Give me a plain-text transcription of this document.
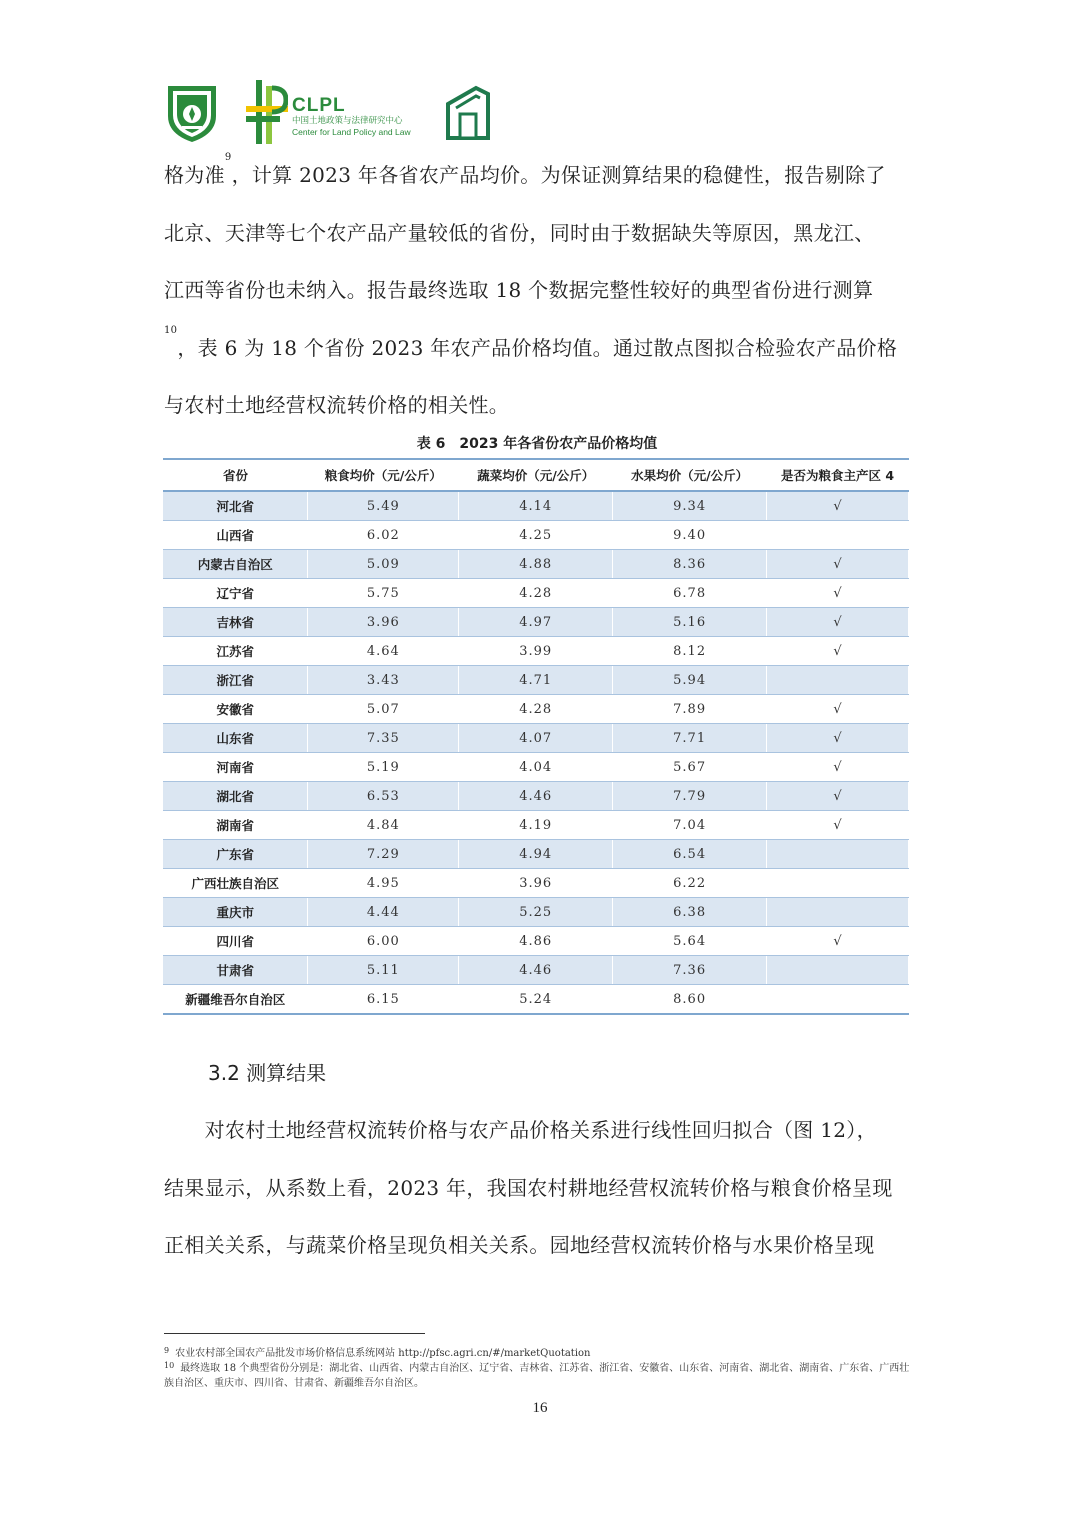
CLPL
中国土地政策与法律研究中心
Center for Land Policy and Law
格为准$^9$，计算 2023 年各省农产品均价。为保证测算结果的稳健性，报告剔除了
北京、天津等七个农产品产量较低的省份，同时由于数据缺失等原因，黑龙江、
江西等省份也未纳入。报告最终选取 18 个数据完整性较好的典型省份进行测算
$^{10}$，表 6 为 18 个省份 2023 年农产品价格均值。通过散点图拟合检验农产品价格
与农村土地经营权流转价格的相关性。
表 6　2023 年各省份农产品价格均值
省份	粮食均价（元/公斤）	蔬菜均价（元/公斤）	水果均价（元/公斤）	是否为粮食主产区 4
河北省	5.49	4.14	9.34	√
山西省	6.02	4.25	9.40	
内蒙古自治区	5.09	4.88	8.36	√
辽宁省	5.75	4.28	6.78	√
吉林省	3.96	4.97	5.16	√
江苏省	4.64	3.99	8.12	√
浙江省	3.43	4.71	5.94	
安徽省	5.07	4.28	7.89	√
山东省	7.35	4.07	7.71	√
河南省	5.19	4.04	5.67	√
湖北省	6.53	4.46	7.79	√
湖南省	4.84	4.19	7.04	√
广东省	7.29	4.94	6.54	
广西壮族自治区	4.95	3.96	6.22	
重庆市	4.44	5.25	6.38	
四川省	6.00	4.86	5.64	√
甘肃省	5.11	4.46	7.36	
新疆维吾尔自治区	6.15	5.24	8.60	
3.2 测算结果
　　对农村土地经营权流转价格与农产品价格关系进行线性回归拟合（图 12），
结果显示，从系数上看，2023 年，我国农村耕地经营权流转价格与粮食价格呈现
正相关关系，与蔬菜价格呈现负相关关系。园地经营权流转价格与水果价格呈现
$^9$ 农业农村部全国农产品批发市场价格信息系统网站 http://pfsc.agri.cn/#/marketQuotation
$^{10}$ 最终选取 18 个典型省份分别是：湖北省、山西省、内蒙古自治区、辽宁省、吉林省、江苏省、浙江省、安徽省、山东省、河南省、湖北省、湖南省、广东省、广西壮族自治区、重庆市、四川省、甘肃省、新疆维吾尔自治区。
16
